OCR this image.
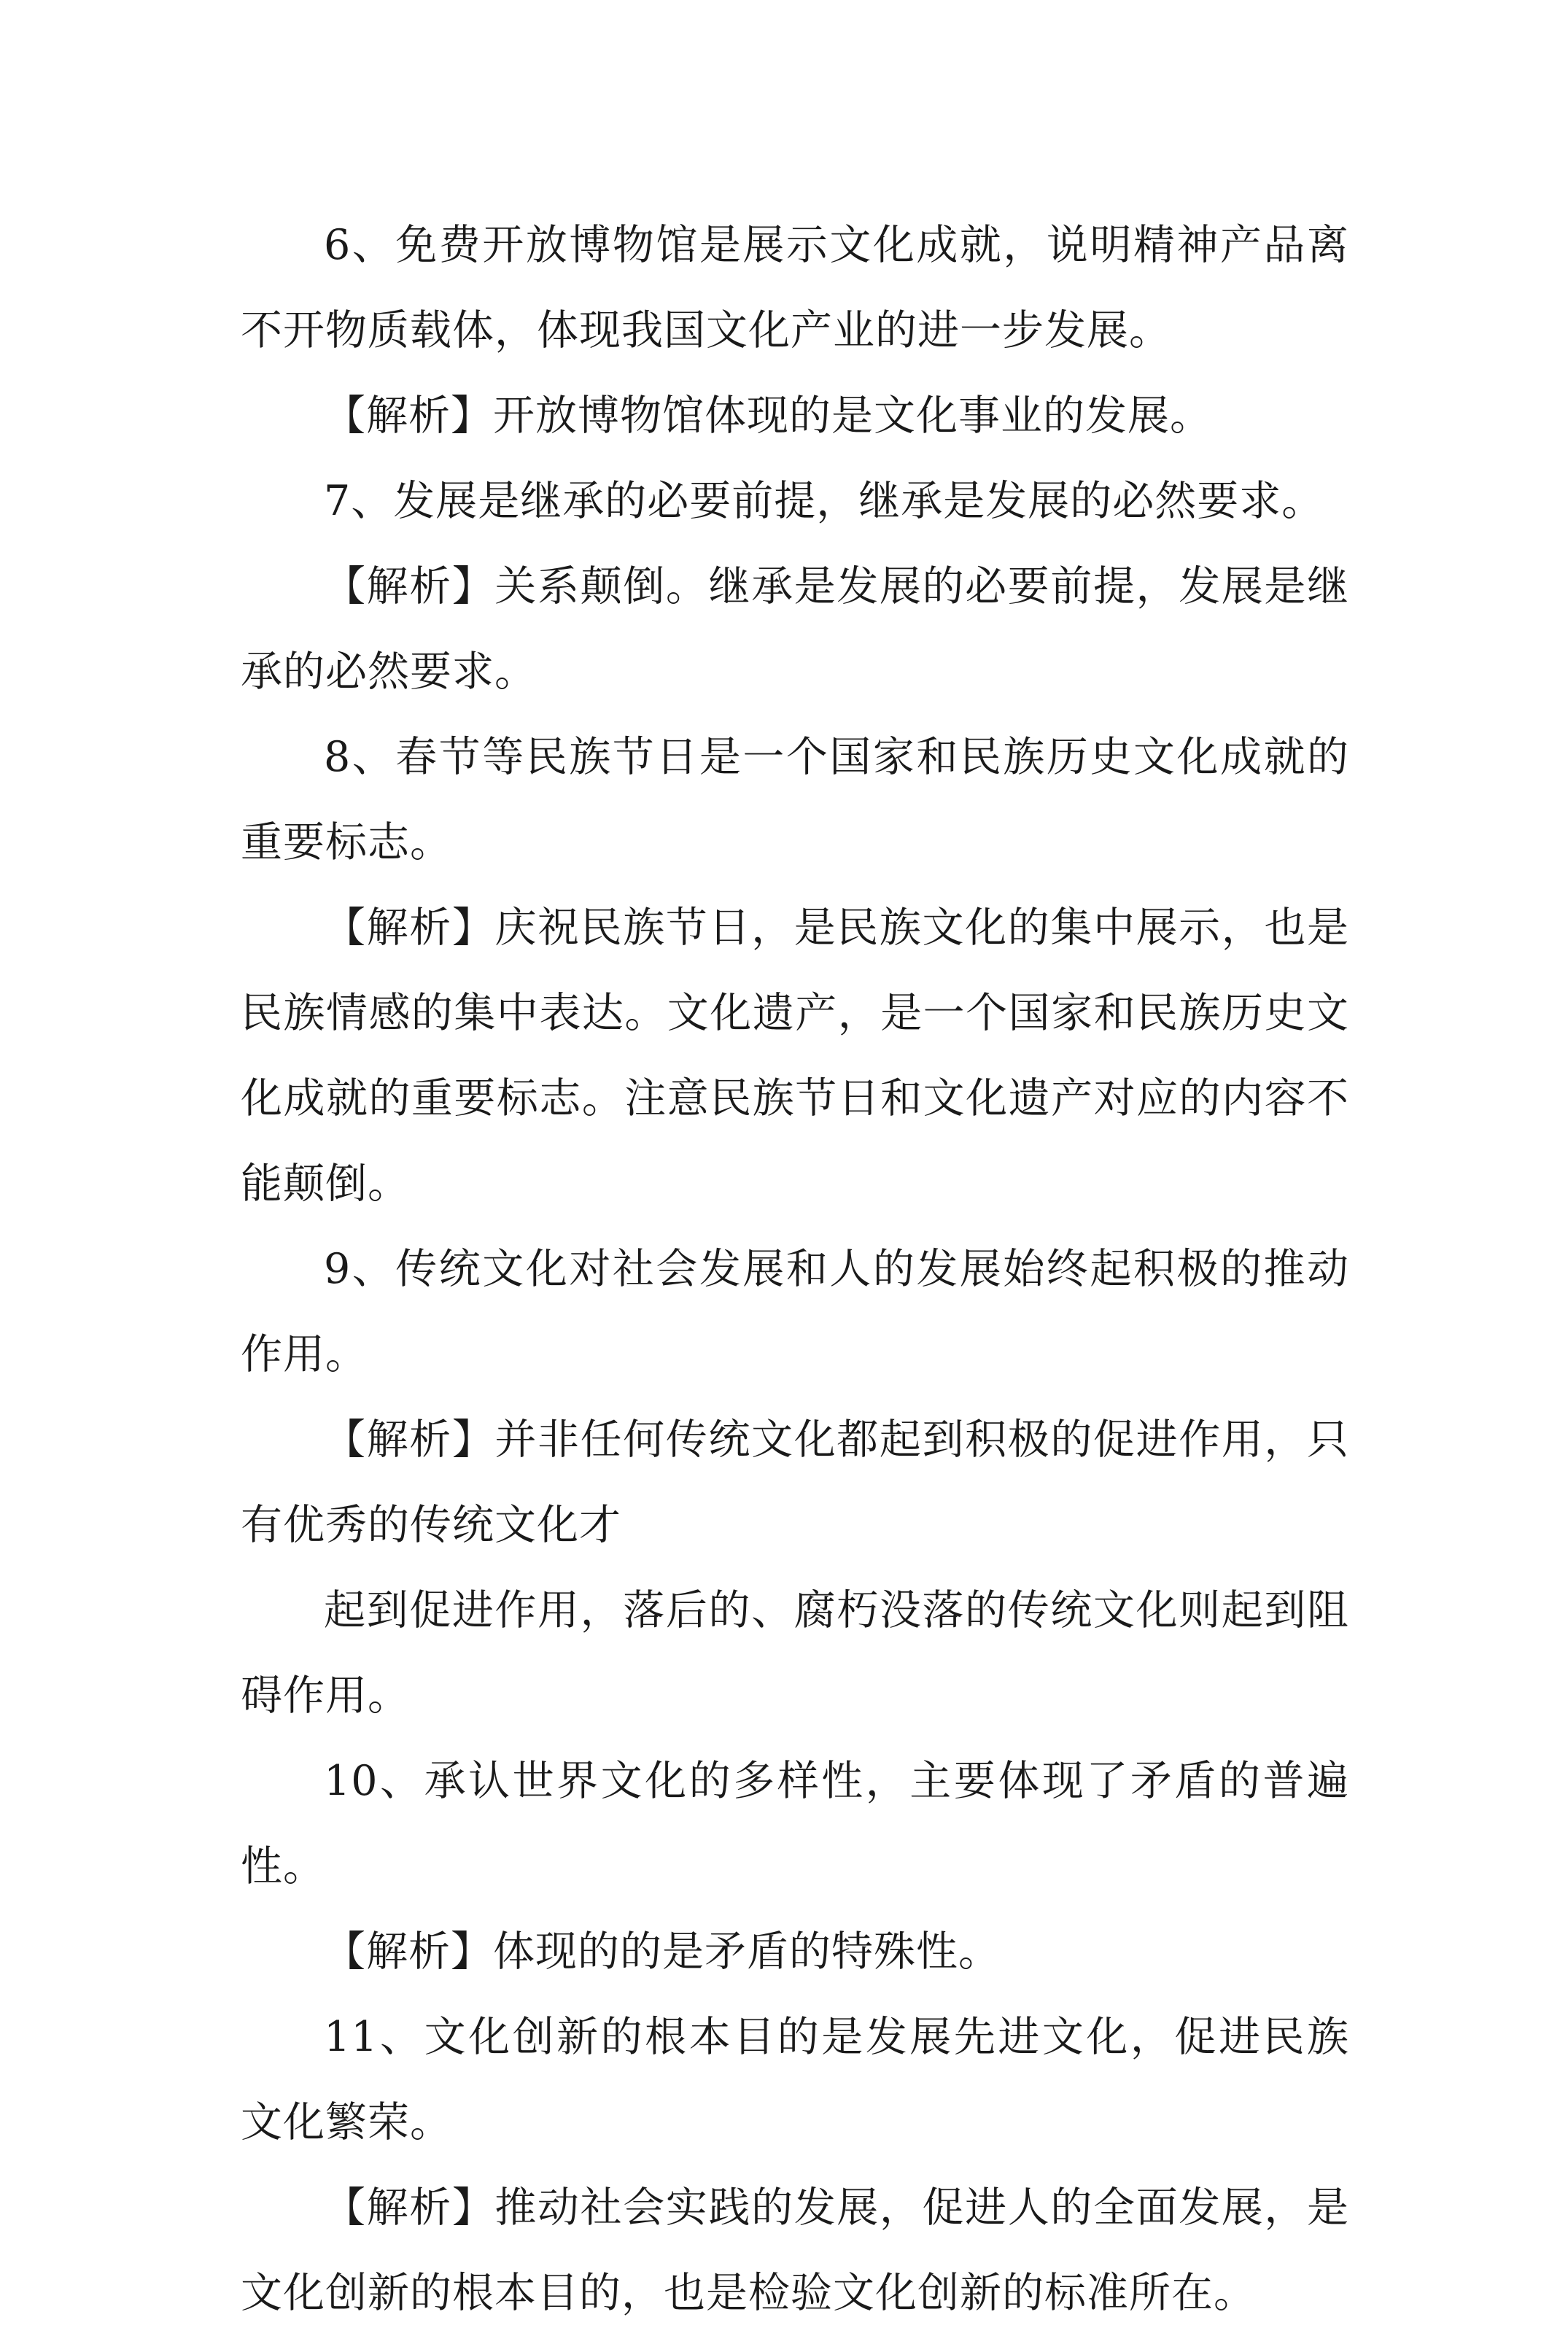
6、免费开放博物馆是展示文化成就，说明精神产品离不开物质载体，体现我国文化产业的进一步发展。

【解析】开放博物馆体现的是文化事业的发展。

7、发展是继承的必要前提，继承是发展的必然要求。

【解析】关系颠倒。继承是发展的必要前提，发展是继承的必然要求。

8、春节等民族节日是一个国家和民族历史文化成就的重要标志。

【解析】庆祝民族节日，是民族文化的集中展示，也是民族情感的集中表达。文化遗产，是一个国家和民族历史文化成就的重要标志。注意民族节日和文化遗产对应的内容不能颠倒。

9、传统文化对社会发展和人的发展始终起积极的推动作用。

【解析】并非任何传统文化都起到积极的促进作用，只有优秀的传统文化才

起到促进作用，落后的、腐朽没落的传统文化则起到阻碍作用。

10、承认世界文化的多样性，主要体现了矛盾的普遍性。

【解析】体现的的是矛盾的特殊性。

11、文化创新的根本目的是发展先进文化，促进民族文化繁荣。

【解析】推动社会实践的发展，促进人的全面发展，是文化创新的根本目的，也是检验文化创新的标准所在。
